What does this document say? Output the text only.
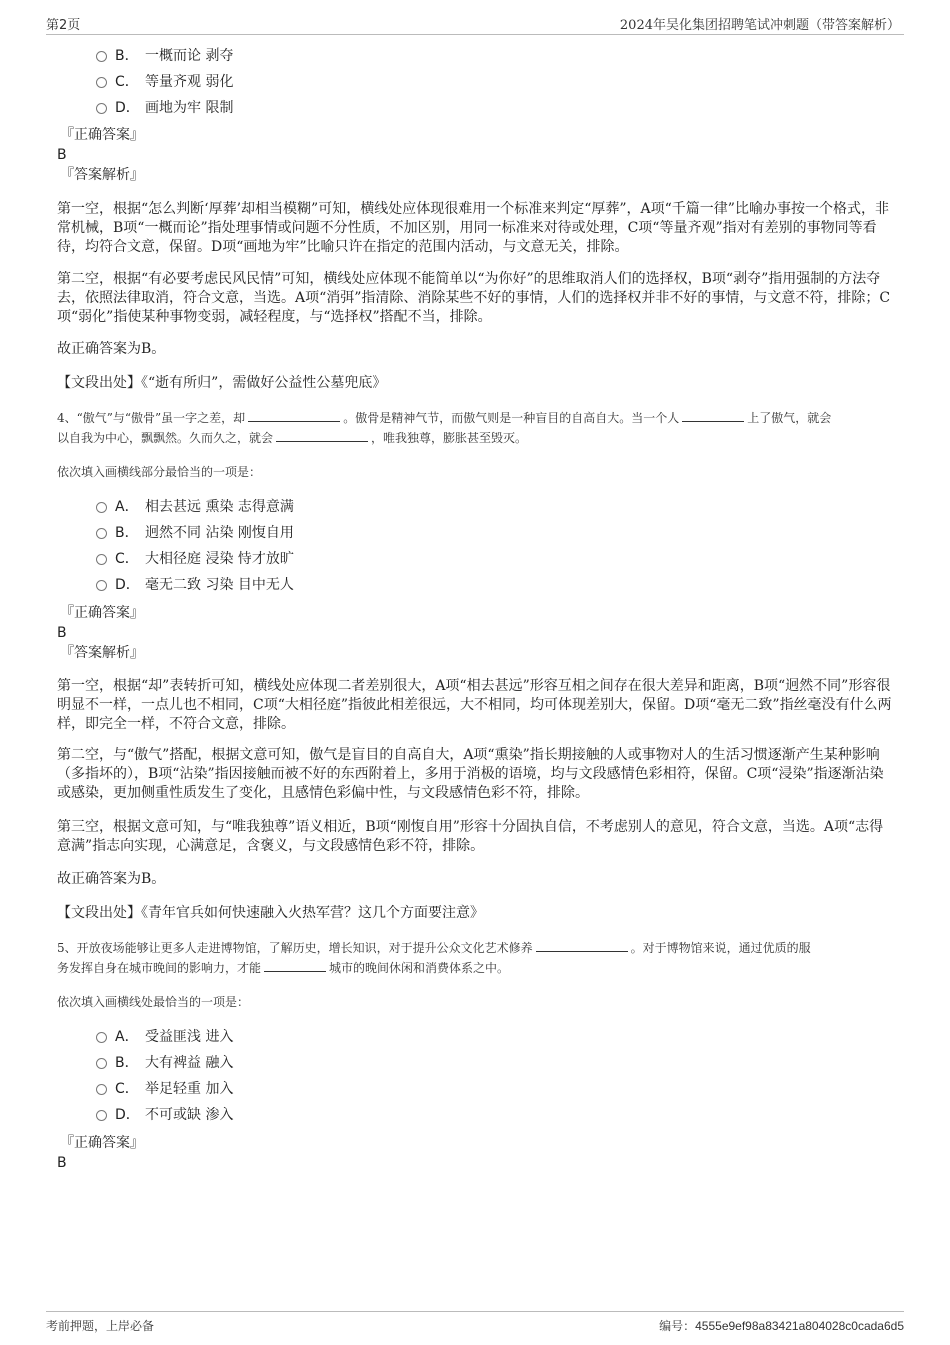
第2页	2024年吴化集团招聘笔试冲刺题（带答案解析）
B． 一概而论 剥夺
C． 等量齐观 弱化
D． 画地为牢 限制
『正确答案』
B
『答案解析』
第一空，根据“怎么判断‘厚葬’却相当模糊”可知，横线处应体现很难用一个标准来判定“厚葬”，A项“千篇一律”比喻办事按一个格式，非常机械，B项“一概而论”指处理事情或问题不分性质，不加区别，用同一标准来对待或处理，C项“等量齐观”指对有差别的事物同等看待，均符合文意，保留。D项“画地为牢”比喻只许在指定的范围内活动，与文意无关，排除。
第二空，根据“有必要考虑民风民情”可知，横线处应体现不能简单以“为你好”的思维取消人们的选择权，B项“剥夺”指用强制的方法夺去，依照法律取消，符合文意，当选。A项“消弭”指清除、消除某些不好的事情，人们的选择权并非不好的事情，与文意不符，排除；C项“弱化”指使某种事物变弱，减轻程度，与“选择权”搭配不当，排除。
故正确答案为B。
【文段出处】《“逝有所归”，需做好公益性公墓兜底》
4、“傲气”与“傲骨”虽一字之差，却	。傲骨是精神气节，而傲气则是一种盲目的自高自大。当一个人	上了傲气，就会
以自我为中心，飘飘然。久而久之，就会	，唯我独尊，膨胀甚至毁灭。
依次填入画横线部分最恰当的一项是：
A． 相去甚远 熏染 志得意满
B． 迥然不同 沾染 刚愎自用
C． 大相径庭 浸染 恃才放旷
D． 毫无二致 习染 目中无人
『正确答案』
B
『答案解析』
第一空，根据“却”表转折可知，横线处应体现二者差别很大，A项“相去甚远”形容互相之间存在很大差异和距离，B项“迥然不同”形容很明显不一样，一点儿也不相同，C项“大相径庭”指彼此相差很远，大不相同，均可体现差别大，保留。D项“毫无二致”指丝毫没有什么两样，即完全一样，不符合文意，排除。
第二空，与“傲气”搭配，根据文意可知，傲气是盲目的自高自大，A项“熏染”指长期接触的人或事物对人的生活习惯逐渐产生某种影响（多指坏的），B项“沾染”指因接触而被不好的东西附着上，多用于消极的语境，均与文段感情色彩相符，保留。C项“浸染”指逐渐沾染或感染，更加侧重性质发生了变化，且感情色彩偏中性，与文段感情色彩不符，排除。
第三空，根据文意可知，与“唯我独尊”语义相近，B项“刚愎自用”形容十分固执自信，不考虑别人的意见，符合文意，当选。A项“志得意满”指志向实现，心满意足，含褒义，与文段感情色彩不符，排除。
故正确答案为B。
【文段出处】《青年官兵如何快速融入火热军营？这几个方面要注意》
5、开放夜场能够让更多人走进博物馆，了解历史，增长知识，对于提升公众文化艺术修养	。对于博物馆来说，通过优质的服
务发挥自身在城市晚间的影响力，才能	城市的晚间休闲和消费体系之中。
依次填入画横线处最恰当的一项是：
A． 受益匪浅 进入
B． 大有裨益 融入
C． 举足轻重 加入
D． 不可或缺 渗入
『正确答案』
B
考前押题，上岸必备	编号：4555e9ef98a83421a804028c0cada6d5
